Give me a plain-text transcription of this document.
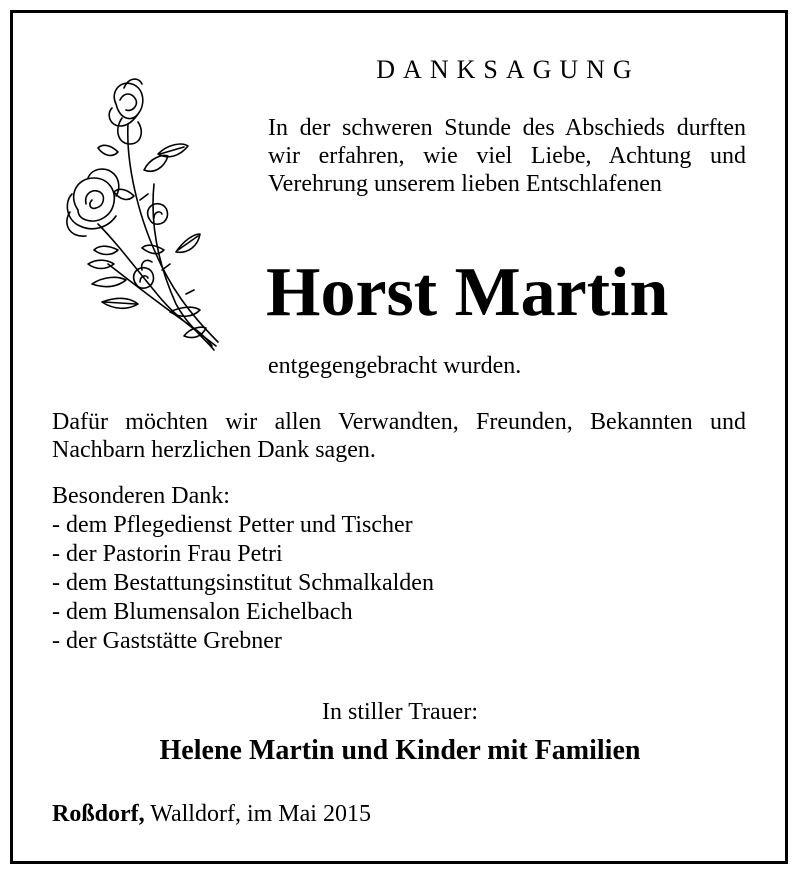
DANKSAGUNG
In der schweren Stunde des Abschieds durften wir erfahren, wie viel Liebe, Achtung und Verehrung unserem lieben Entschlafenen
Horst Martin
entgegengebracht wurden.
Dafür möchten wir allen Verwandten, Freunden, Bekannten und Nachbarn herzlichen Dank sagen.
Besonderen Dank:
- dem Pflegedienst Petter und Tischer
- der Pastorin Frau Petri
- dem Bestattungsinstitut Schmalkalden
- dem Blumensalon Eichelbach
- der Gaststätte Grebner
In stiller Trauer:
Helene Martin und Kinder mit Familien
Roßdorf, Walldorf, im Mai 2015
